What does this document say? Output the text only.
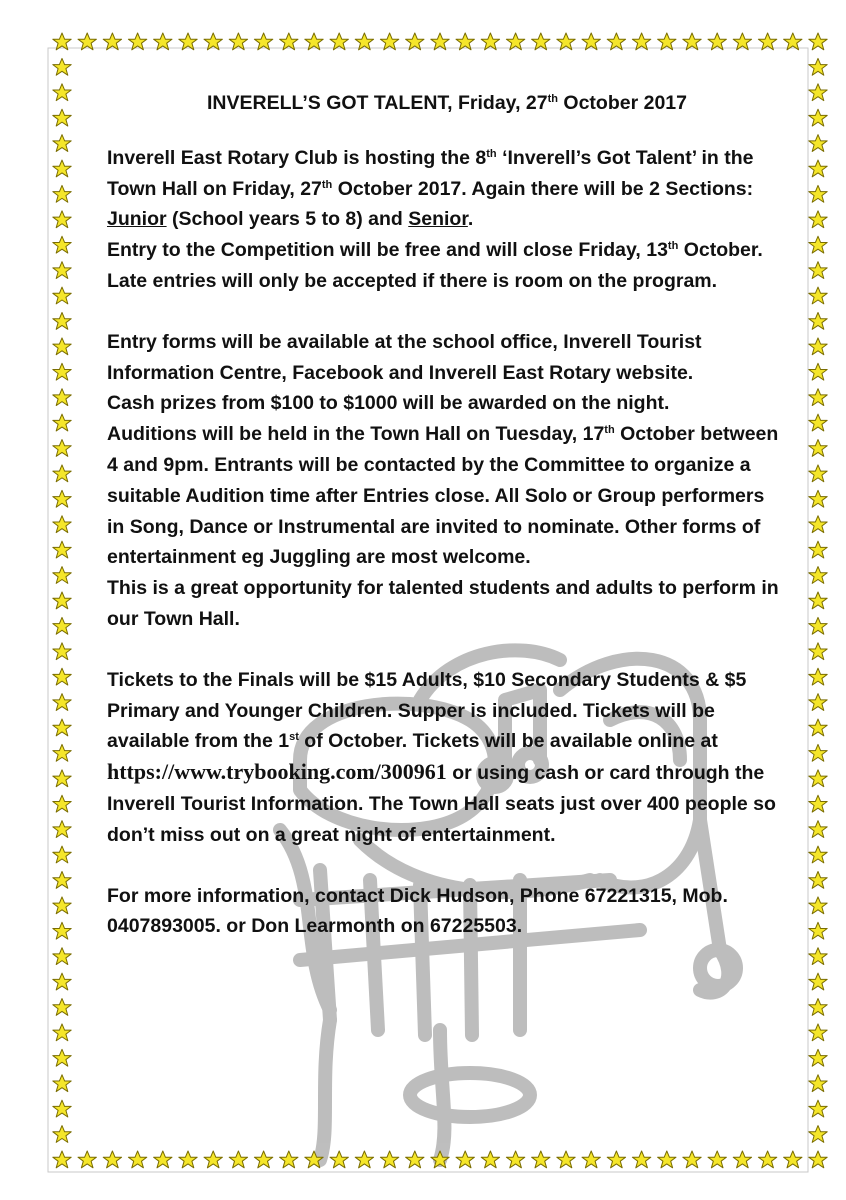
INVERELL’S GOT TALENT, Friday, 27th October 2017

Inverell East Rotary Club is hosting the 8th ‘Inverell’s Got Talent’ in the Town Hall on Friday, 27th October 2017. Again there will be 2 Sections: Junior (School years 5 to 8) and Senior.

Entry to the Competition will be free and will close Friday, 13th October. Late entries will only be accepted if there is room on the program.

Entry forms will be available at the school office, Inverell Tourist Information Centre, Facebook and Inverell East Rotary website.

Cash prizes from $100 to $1000 will be awarded on the night.

Auditions will be held in the Town Hall on Tuesday, 17th October between 4 and 9pm. Entrants will be contacted by the Committee to organize a suitable Audition time after Entries close. All Solo or Group performers in Song, Dance or Instrumental are invited to nominate. Other forms of entertainment eg Juggling are most welcome.

This is a great opportunity for talented students and adults to perform in our Town Hall.

Tickets to the Finals will be $15 Adults, $10 Secondary Students & $5 Primary and Younger Children. Supper is included. Tickets will be available from the 1st of October. Tickets will be available online at https://www.trybooking.com/300961 or using cash or card through the Inverell Tourist Information. The Town Hall seats just over 400 people so don’t miss out on a great night of entertainment.

For more information, contact Dick Hudson, Phone 67221315, Mob. 0407893005. or Don Learmonth on 67225503.
